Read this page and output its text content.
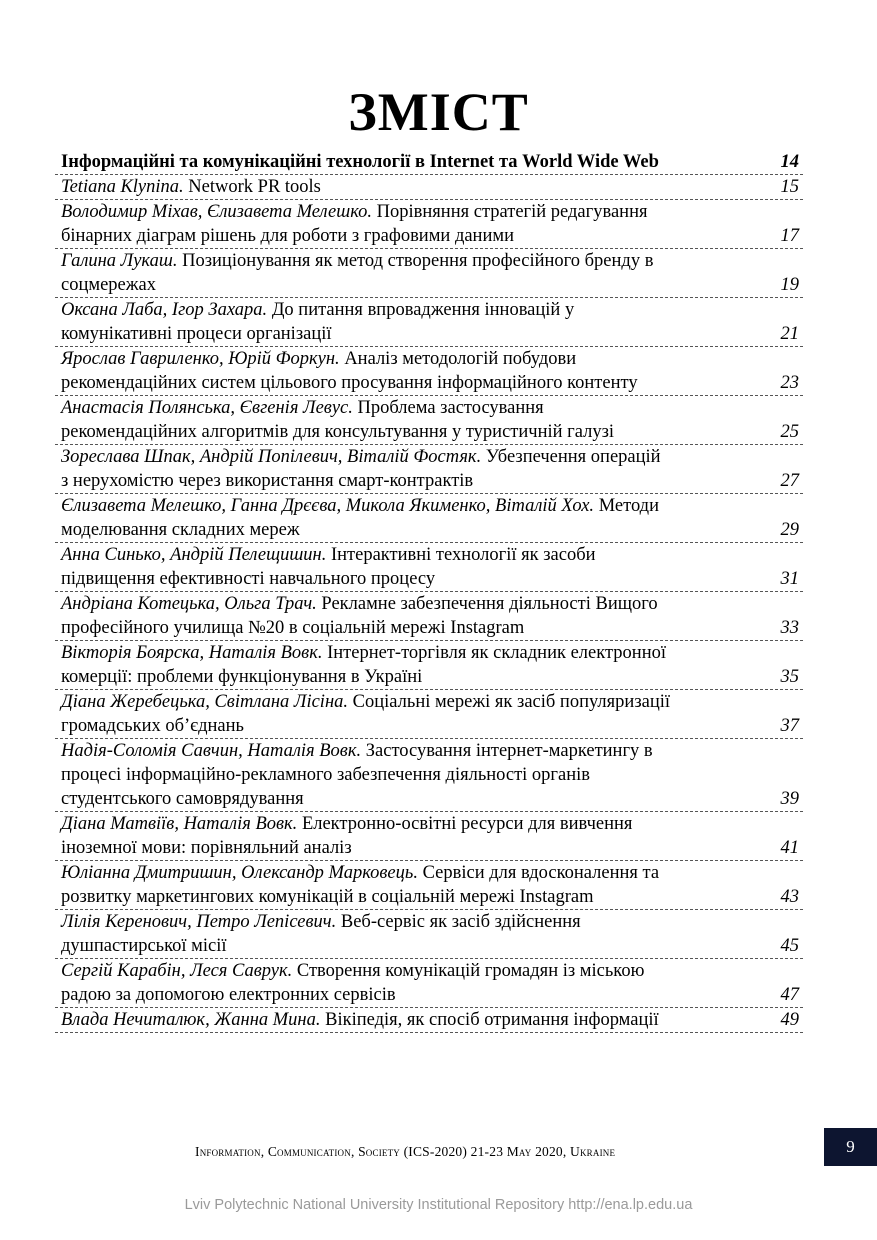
ЗМІСТ
Інформаційні та комунікаційні технології в Internet та World Wide Web	14
Tetiana Klynina. Network PR tools	15
Володимир Міхав, Єлизавета Мелешко. Порівняння стратегій редагування
бінарних діаграм рішень для роботи з графовими даними	17
Галина Лукаш. Позиціонування як метод створення професійного бренду в
соцмережах	19
Оксана Лаба, Ігор Захара. До питання впровадження інновацій у
комунікативні процеси організації	21
Ярослав Гавриленко, Юрій Форкун. Аналіз методологій побудови
рекомендаційних систем цільового просування інформаційного контенту	23
Анастасія Полянська, Євгенія Левус. Проблема застосування
рекомендаційних алгоритмів для консультування у туристичній галузі	25
Зореслава Шпак, Андрій Попілевич, Віталій Фостяк. Убезпечення операцій
з нерухомістю через використання смарт-контрактів	27
Єлизавета Мелешко, Ганна Дрєєва, Микола Якименко, Віталій Хох. Методи
моделювання складних мереж	29
Анна Синько, Андрій Пелещишин. Інтерактивні технології як засоби
підвищення ефективності навчального процесу	31
Андріана Котецька, Ольга Трач. Рекламне забезпечення діяльності Вищого
професійного училища №20 в соціальній мережі Instagram	33
Вікторія Боярска, Наталія Вовк. Інтернет-торгівля як складник електронної
комерції: проблеми функціонування в Україні	35
Діана Жеребецька, Світлана Лісіна. Соціальні мережі як засіб популяризації
громадських об’єднань	37
Надія-Соломія Савчин, Наталія Вовк. Застосування інтернет-маркетингу в
процесі інформаційно-рекламного забезпечення діяльності органів
студентського самоврядування	39
Діана Матвіїв, Наталія Вовк. Електронно-освітні ресурси для вивчення
іноземної мови: порівняльний аналіз	41
Юліанна Дмитришин, Олександр Марковець. Сервіси для вдосконалення та
розвитку маркетингових комунікацій в соціальній мережі Instagram	43
Лілія Керенович, Петро Лепісевич. Веб-сервіс як засіб здійснення
душпастирської місії	45
Сергій Карабін, Леся Саврук. Створення комунікацій громадян із міською
радою за допомогою електронних сервісів	47
Влада Нечиталюк, Жанна Мина. Вікіпедія, як спосіб отримання інформації	49
Information, Communication, Society (ICS-2020) 21-23 May 2020, Ukraine	9
Lviv Polytechnic National University Institutional Repository http://ena.lp.edu.ua
